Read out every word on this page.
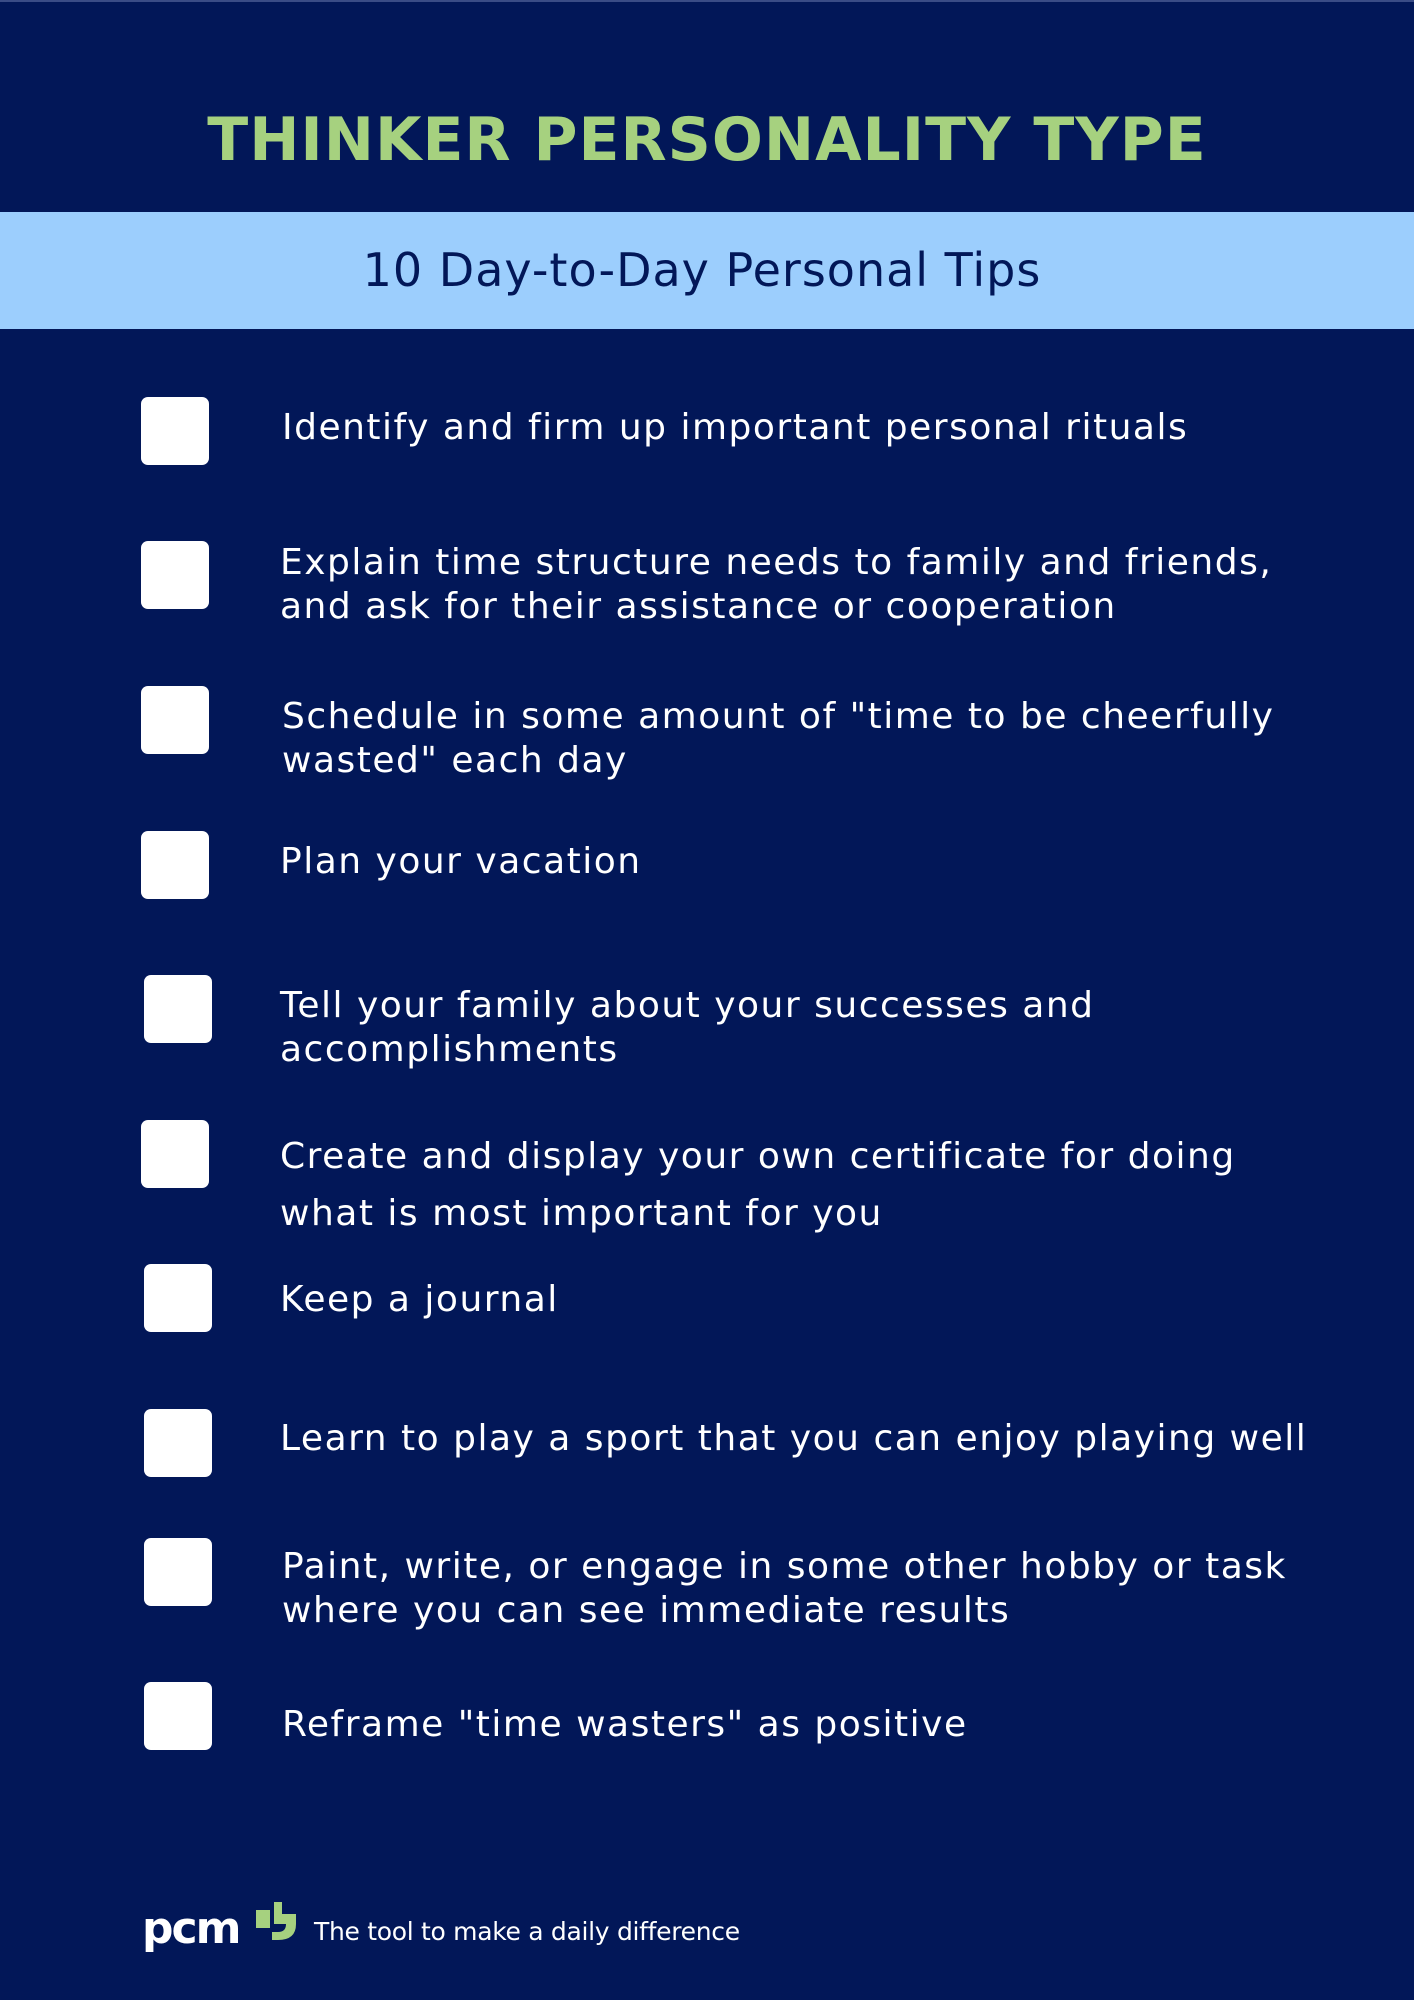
THINKER PERSONALITY TYPE
10 Day-to-Day Personal Tips
Identify and firm up important personal rituals
Explain time structure needs to family and friends,
and ask for their assistance or cooperation
Schedule in some amount of "time to be cheerfully
wasted" each day
Plan your vacation
Tell your family about your successes and
accomplishments
Create and display your own certificate for doing
what is most important for you
Keep a journal
Learn to play a sport that you can enjoy playing well
Paint, write, or engage in some other hobby or task
where you can see immediate results
Reframe "time wasters" as positive
pcm	The tool to make a daily difference
